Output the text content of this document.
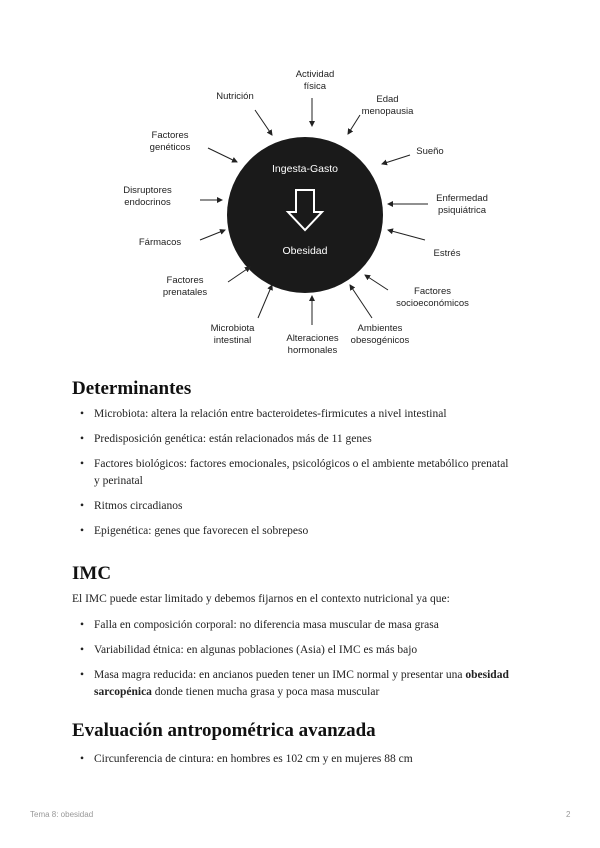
Ingesta-Gasto
Obesidad
Actividad
física
Edad
menopausia
Sueño
Enfermedad
psiquiátrica
Estrés
Factores
socioeconómicos
Ambientes
obesogénicos
Alteraciones
hormonales
Microbiota
intestinal
Factores
prenatales
Fármacos
Disruptores
endocrinos
Factores
genéticos
Nutrición
Determinantes
• Microbiota: altera la relación entre bacteroidetes-firmicutes a nivel intestinal
• Predisposición genética: están relacionados más de 11 genes
• Factores biológicos: factores emocionales, psicológicos o el ambiente metabólico prenatal y perinatal
• Ritmos circadianos
• Epigenética: genes que favorecen el sobrepeso
IMC
El IMC puede estar limitado y debemos fijarnos en el contexto nutricional ya que:
• Falla en composición corporal: no diferencia masa muscular de masa grasa
• Variabilidad étnica: en algunas poblaciones (Asia) el IMC es más bajo
• Masa magra reducida: en ancianos pueden tener un IMC normal y presentar una obesidad sarcopénica donde tienen mucha grasa y poca masa muscular
Evaluación antropométrica avanzada
• Circunferencia de cintura: en hombres es 102 cm y en mujeres 88 cm
Tema 8: obesidad	2
